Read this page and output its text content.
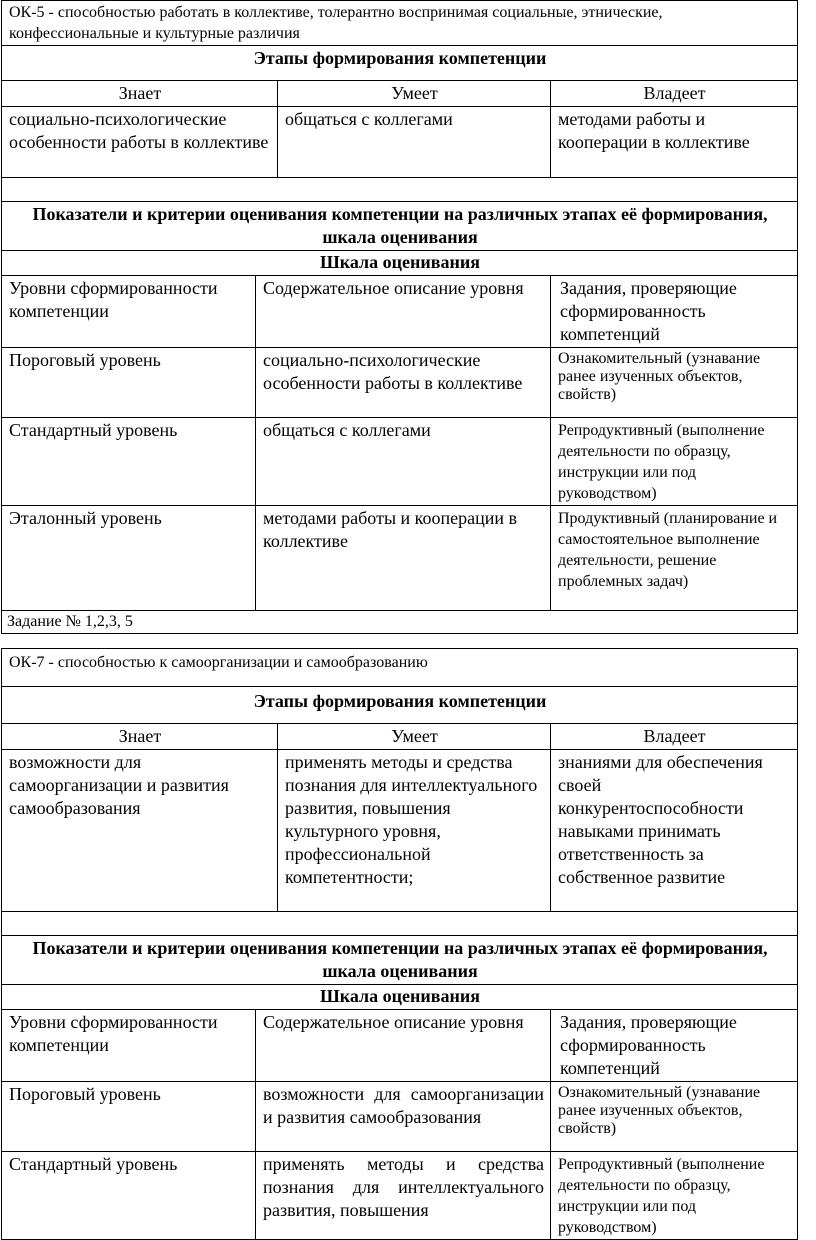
ОК-5 - способностью работать в коллективе, толерантно воспринимая социальные, этнические, конфессиональные и культурные различия			
Этапы формирования компетенции			
Знает		Умеет	Владеет
социально-психологические особенности работы в коллективе		общаться с коллегами	методами работы и кооперации в коллективе

Показатели и критерии оценивания компетенции на различных этапах её формирования, шкала оценивания			
Шкала оценивания			
Уровни сформированности компетенции	Содержательное описание уровня		Задания, проверяющие сформированность компетенций
Пороговый уровень	социально-психологические особенности работы в коллективе		Ознакомительный (узнавание ранее изученных объектов, свойств)
Стандартный уровень	общаться с коллегами		Репродуктивный (выполнение деятельности по образцу, инструкции или под руководством)
Эталонный уровень	методами работы и кооперации в коллективе		Продуктивный (планирование и самостоятельное выполнение деятельности, решение проблемных задач)
Задание № 1,2,3, 5			
ОК-7 - способностью к самоорганизации и самообразованию			
Этапы формирования компетенции			
Знает		Умеет	Владеет
возможности для самоорганизации и развития самообразования		применять методы и средства познания для интеллектуального развития, повышения культурного уровня, профессиональной компетентности;	знаниями для обеспечения своей конкурентоспособности навыками принимать ответственность за собственное развитие

Показатели и критерии оценивания компетенции на различных этапах её формирования, шкала оценивания			
Шкала оценивания			
Уровни сформированности компетенции	Содержательное описание уровня		Задания, проверяющие сформированность компетенций
Пороговый уровень	возможности для самоорганизации и развития самообразования		Ознакомительный (узнавание ранее изученных объектов, свойств)
Стандартный уровень	применять методы и средства познания для интеллектуального развития, повышения		Репродуктивный (выполнение деятельности по образцу, инструкции или под руководством)
